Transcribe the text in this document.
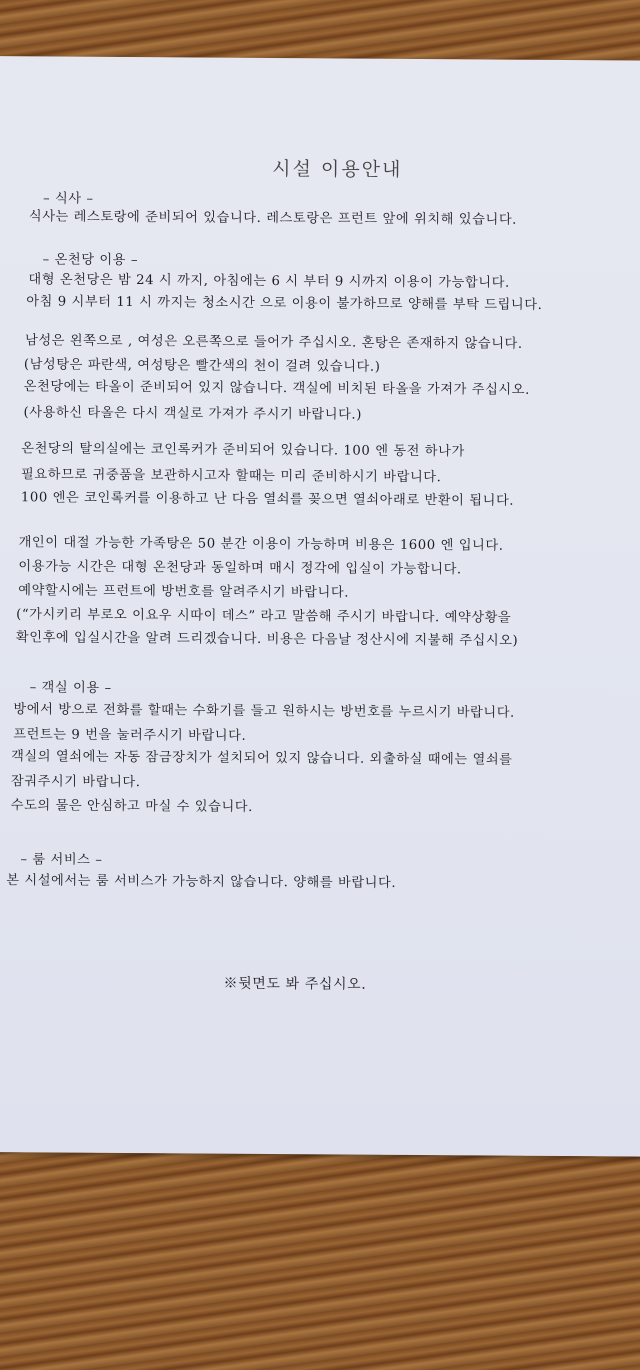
시설 이용안내
– 식사 –
식사는 레스토랑에 준비되어 있습니다. 레스토랑은 프런트 앞에 위치해 있습니다.
– 온천당 이용 –
대형 온천당은 밤 24 시 까지, 아침에는 6 시 부터 9 시까지 이용이 가능합니다.
아침 9 시부터 11 시 까지는 청소시간 으로 이용이 불가하므로 양해를 부탁 드립니다.
남성은 왼쪽으로 , 여성은 오른쪽으로 들어가 주십시오. 혼탕은 존재하지 않습니다.
(남성탕은 파란색, 여성탕은 빨간색의 천이 걸려 있습니다.)
온천당에는 타올이 준비되어 있지 않습니다. 객실에 비치된 타올을 가져가 주십시오.
(사용하신 타올은 다시 객실로 가져가 주시기 바랍니다.)
온천당의 탈의실에는 코인록커가 준비되어 있습니다. 100 엔 동전 하나가
필요하므로 귀중품을 보관하시고자 할때는 미리 준비하시기 바랍니다.
100 엔은 코인록커를 이용하고 난 다음 열쇠를 꽂으면 열쇠아래로 반환이 됩니다.
개인이 대절 가능한 가족탕은 50 분간 이용이 가능하며 비용은 1600 엔 입니다.
이용가능 시간은 대형 온천당과 동일하며 매시 정각에 입실이 가능합니다.
예약할시에는 프런트에 방번호를 알려주시기 바랍니다.
(“가시키리 부로오 이요우 시따이 데스” 라고 말씀해 주시기 바랍니다. 예약상황을
확인후에 입실시간을 알려 드리겠습니다. 비용은 다음날 정산시에 지불해 주십시오)
– 객실 이용 –
방에서 방으로 전화를 할때는 수화기를 들고 원하시는 방번호를 누르시기 바랍니다.
프런트는 9 번을 눌러주시기 바랍니다.
객실의 열쇠에는 자동 잠금장치가 설치되어 있지 않습니다. 외출하실 때에는 열쇠를
잠궈주시기 바랍니다.
수도의 물은 안심하고 마실 수 있습니다.
– 룸 서비스 –
본 시설에서는 룸 서비스가 가능하지 않습니다. 양해를 바랍니다.
※뒷면도 봐 주십시오.
